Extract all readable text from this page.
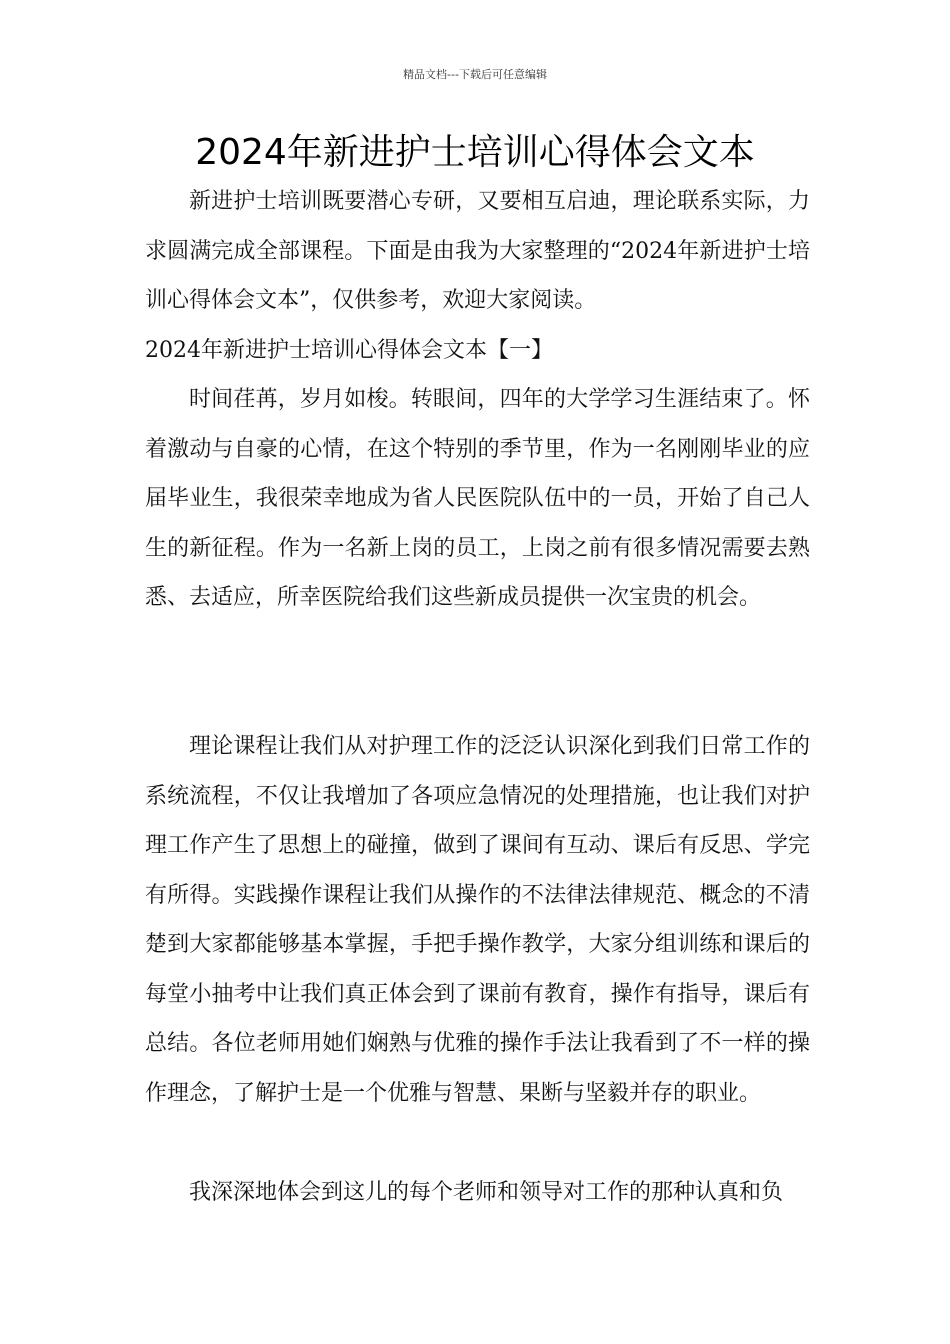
精品文档---下载后可任意编辑
2024年新进护士培训心得体会文本

新进护士培训既要潜心专研，又要相互启迪，理论联系实际，力求圆满完成全部课程。下面是由我为大家整理的“2024年新进护士培训心得体会文本”，仅供参考，欢迎大家阅读。

2024年新进护士培训心得体会文本【一】

时间荏苒，岁月如梭。转眼间，四年的大学学习生涯结束了。怀着激动与自豪的心情，在这个特别的季节里，作为一名刚刚毕业的应届毕业生，我很荣幸地成为省人民医院队伍中的一员，开始了自己人生的新征程。作为一名新上岗的员工，上岗之前有很多情况需要去熟悉、去适应，所幸医院给我们这些新成员提供一次宝贵的机会。

理论课程让我们从对护理工作的泛泛认识深化到我们日常工作的系统流程，不仅让我增加了各项应急情况的处理措施，也让我们对护理工作产生了思想上的碰撞，做到了课间有互动、课后有反思、学完有所得。实践操作课程让我们从操作的不法律法律规范、概念的不清楚到大家都能够基本掌握，手把手操作教学，大家分组训练和课后的每堂小抽考中让我们真正体会到了课前有教育，操作有指导，课后有总结。各位老师用她们娴熟与优雅的操作手法让我看到了不一样的操作理念，了解护士是一个优雅与智慧、果断与坚毅并存的职业。

我深深地体会到这儿的每个老师和领导对工作的那种认真和负
